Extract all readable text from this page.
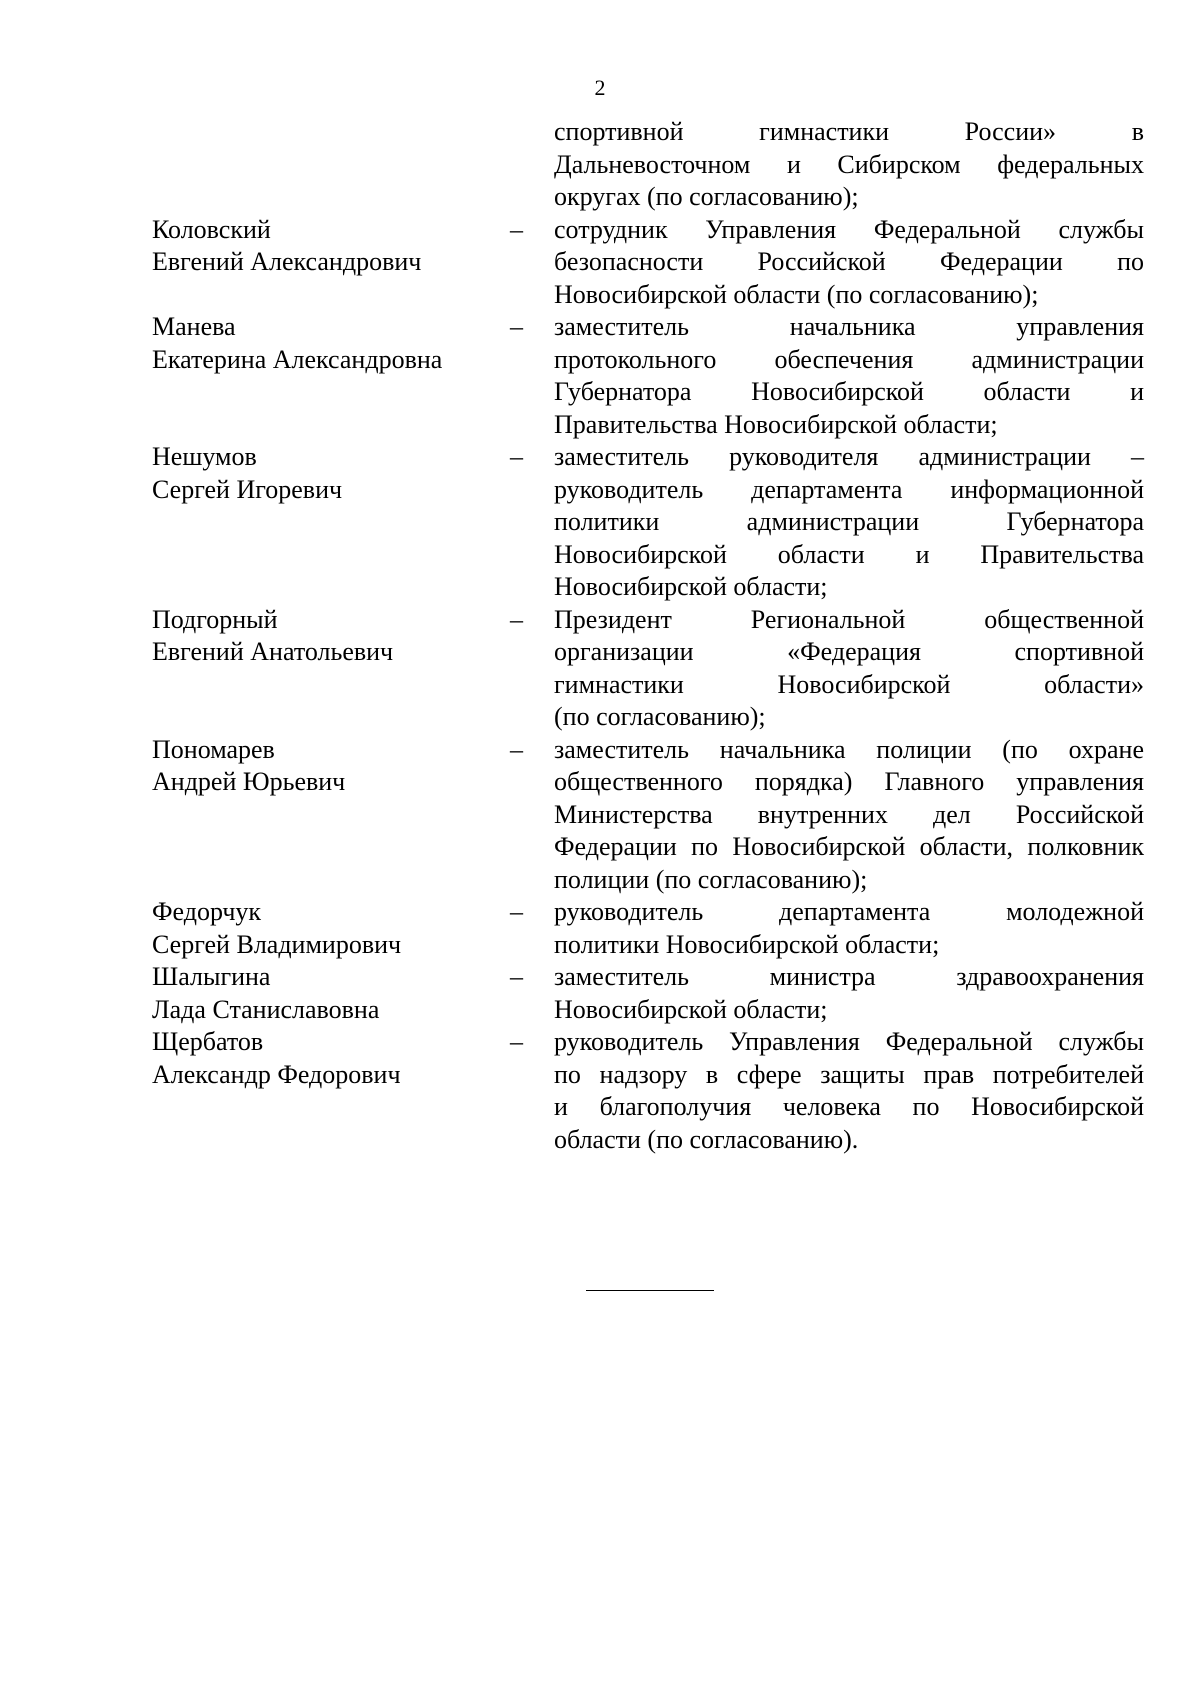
2
спортивной гимнастики России» в
Дальневосточном и Сибирском федеральных
округах (по согласованию);
Коловский
Евгений Александрович
–	сотрудник Управления Федеральной службы
безопасности Российской Федерации по
Новосибирской области (по согласованию);
Манева
Екатерина Александровна
–	заместитель начальника управления
протокольного обеспечения администрации
Губернатора Новосибирской области и
Правительства Новосибирской области;
Нешумов
Сергей Игоревич
–	заместитель руководителя администрации –
руководитель департамента информационной
политики администрации Губернатора
Новосибирской области и Правительства
Новосибирской области;
Подгорный
Евгений Анатольевич
–	Президент Региональной общественной
организации «Федерация спортивной
гимнастики Новосибирской области»
(по согласованию);
Пономарев
Андрей Юрьевич
–	заместитель начальника полиции (по охране
общественного порядка) Главного управления
Министерства внутренних дел Российской
Федерации по Новосибирской области, полковник
полиции (по согласованию);
Федорчук
Сергей Владимирович
–	руководитель департамента молодежной
политики Новосибирской области;
Шалыгина
Лада Станиславовна
–	заместитель министра здравоохранения
Новосибирской области;
Щербатов
Александр Федорович
–	руководитель Управления Федеральной службы
по надзору в сфере защиты прав потребителей
и благополучия человека по Новосибирской
области (по согласованию).
